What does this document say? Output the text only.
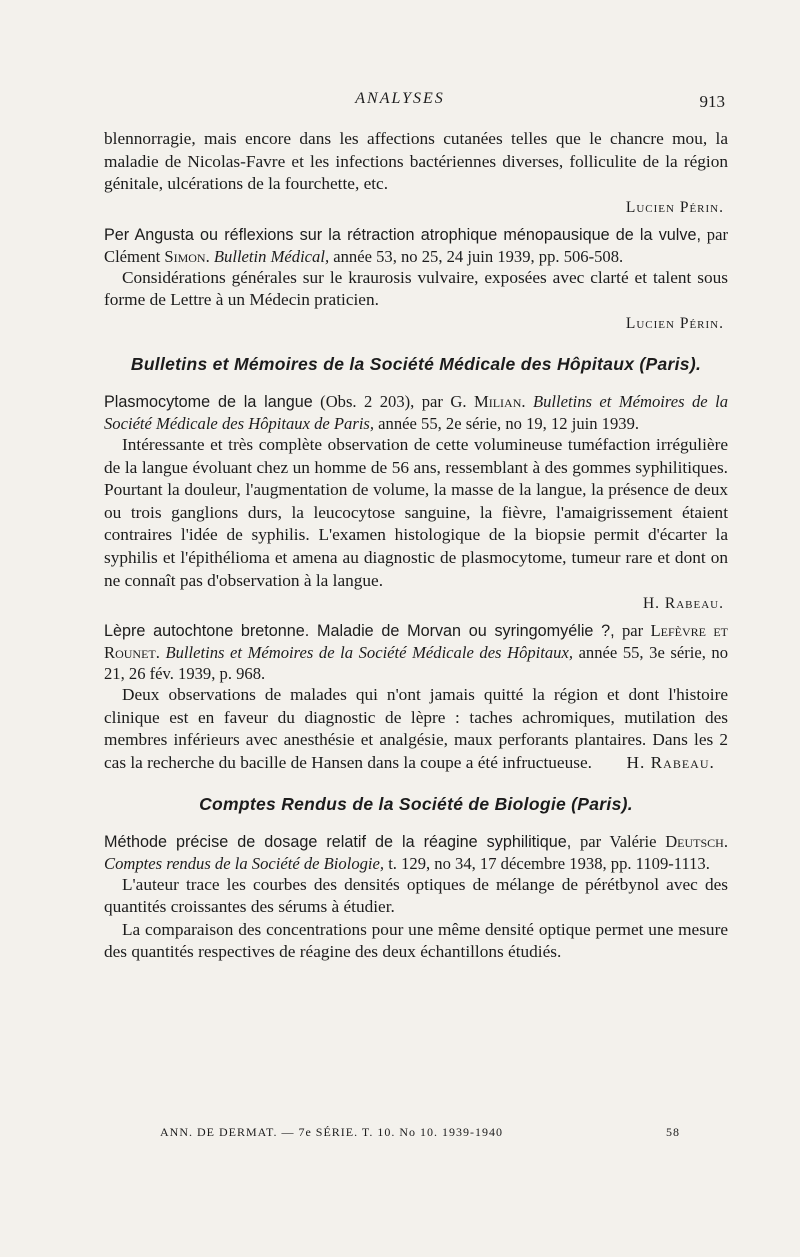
ANALYSES	913

blennorragie, mais encore dans les affections cutanées telles que le chancre mou, la maladie de Nicolas-Favre et les infections bactériennes diverses, folliculite de la région génitale, ulcérations de la fourchette, etc.

Lucien Périn.

Per Angusta ou réflexions sur la rétraction atrophique ménopausique de la vulve, par Clément Simon. Bulletin Médical, année 53, no 25, 24 juin 1939, pp. 506-508.

Considérations générales sur le kraurosis vulvaire, exposées avec clarté et talent sous forme de Lettre à un Médecin praticien.

Lucien Périn.

Bulletins et Mémoires de la Société Médicale des Hôpitaux (Paris).

Plasmocytome de la langue (Obs. 2 203), par G. Milian. Bulletins et Mémoires de la Société Médicale des Hôpitaux de Paris, année 55, 2e série, no 19, 12 juin 1939.

Intéressante et très complète observation de cette volumineuse tuméfaction irrégulière de la langue évoluant chez un homme de 56 ans, ressemblant à des gommes syphilitiques. Pourtant la douleur, l'augmentation de volume, la masse de la langue, la présence de deux ou trois ganglions durs, la leucocytose sanguine, la fièvre, l'amaigrissement étaient contraires l'idée de syphilis. L'examen histologique de la biopsie permit d'écarter la syphilis et l'épithélioma et amena au diagnostic de plasmocytome, tumeur rare et dont on ne connaît pas d'observation à la langue.

H. Rabeau.

Lèpre autochtone bretonne. Maladie de Morvan ou syringomyélie ?, par Lefèvre et Rounet. Bulletins et Mémoires de la Société Médicale des Hôpitaux, année 55, 3e série, no 21, 26 fév. 1939, p. 968.

Deux observations de malades qui n'ont jamais quitté la région et dont l'histoire clinique est en faveur du diagnostic de lèpre : taches achromiques, mutilation des membres inférieurs avec anesthésie et analgésie, maux perforants plantaires. Dans les 2 cas la recherche du bacille de Hansen dans la coupe a été infructueuse. H. Rabeau.

Comptes Rendus de la Société de Biologie (Paris).

Méthode précise de dosage relatif de la réagine syphilitique, par Valérie Deutsch. Comptes rendus de la Société de Biologie, t. 129, no 34, 17 décembre 1938, pp. 1109-1113.

L'auteur trace les courbes des densités optiques de mélange de pérétbynol avec des quantités croissantes des sérums à étudier.

La comparaison des concentrations pour une même densité optique permet une mesure des quantités respectives de réagine des deux échantillons étudiés.

ANN. DE DERMAT. — 7e SÉRIE. T. 10. No 10. 1939-1940	58
